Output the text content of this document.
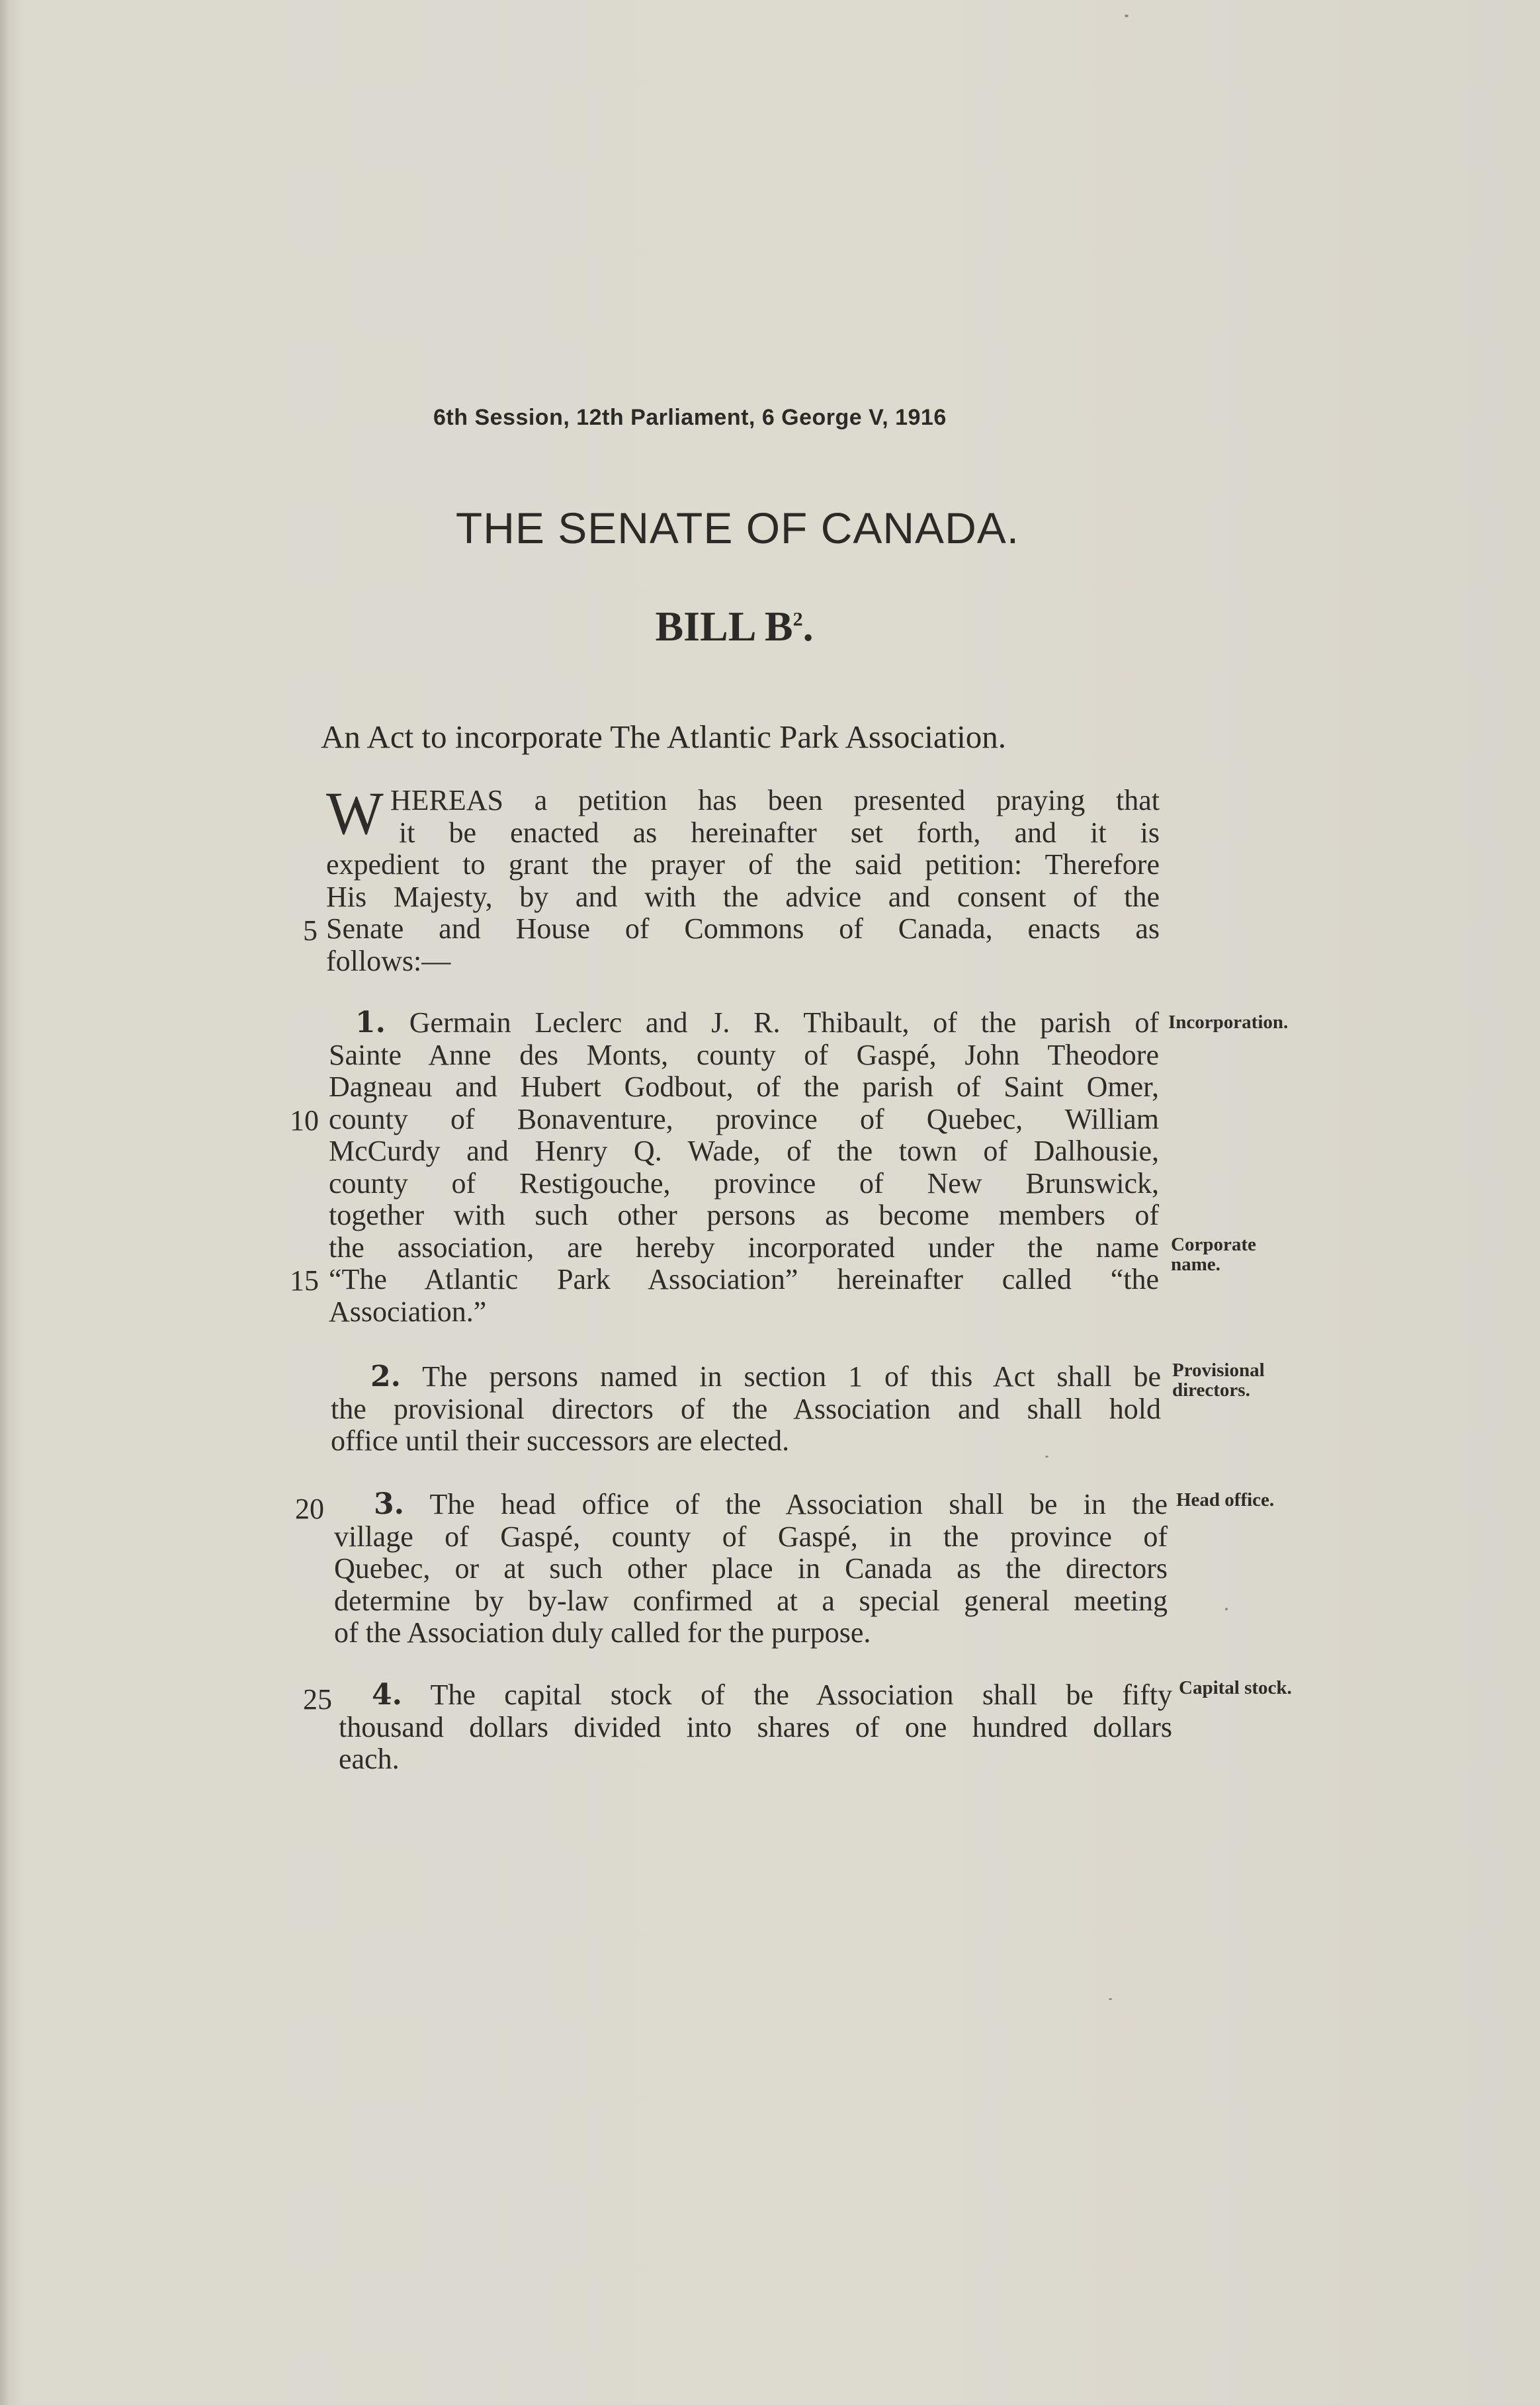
6th Session, 12th Parliament, 6 George V, 1916
THE SENATE OF CANADA.
BILL $B^2$.
An Act to incorporate The Atlantic Park Association.
W HEREAS a petition has been presented praying that
it be enacted as hereinafter set forth, and it is
expedient to grant the prayer of the said petition: Therefore
His Majesty, by and with the advice and consent of the
Senate and House of Commons of Canada, enacts as
follows:—
5
1. Germain Leclerc and J. R. Thibault, of the parish of
Sainte Anne des Monts, county of Gaspé, John Theodore
Dagneau and Hubert Godbout, of the parish of Saint Omer,
county of Bonaventure, province of Quebec, William
McCurdy and Henry Q. Wade, of the town of Dalhousie,
county of Restigouche, province of New Brunswick,
together with such other persons as become members of
the association, are hereby incorporated under the name
“The Atlantic Park Association” hereinafter called “the
Association.”
10
15
Incorporation.
Corporate
name.
2. The persons named in section 1 of this Act shall be
the provisional directors of the Association and shall hold
office until their successors are elected.
Provisional
directors.
3. The head office of the Association shall be in the
village of Gaspé, county of Gaspé, in the province of
Quebec, or at such other place in Canada as the directors
determine by by-law confirmed at a special general meeting
of the Association duly called for the purpose.
20	Head office.
4. The capital stock of the Association shall be fifty
thousand dollars divided into shares of one hundred dollars
each.
25	Capital stock.
